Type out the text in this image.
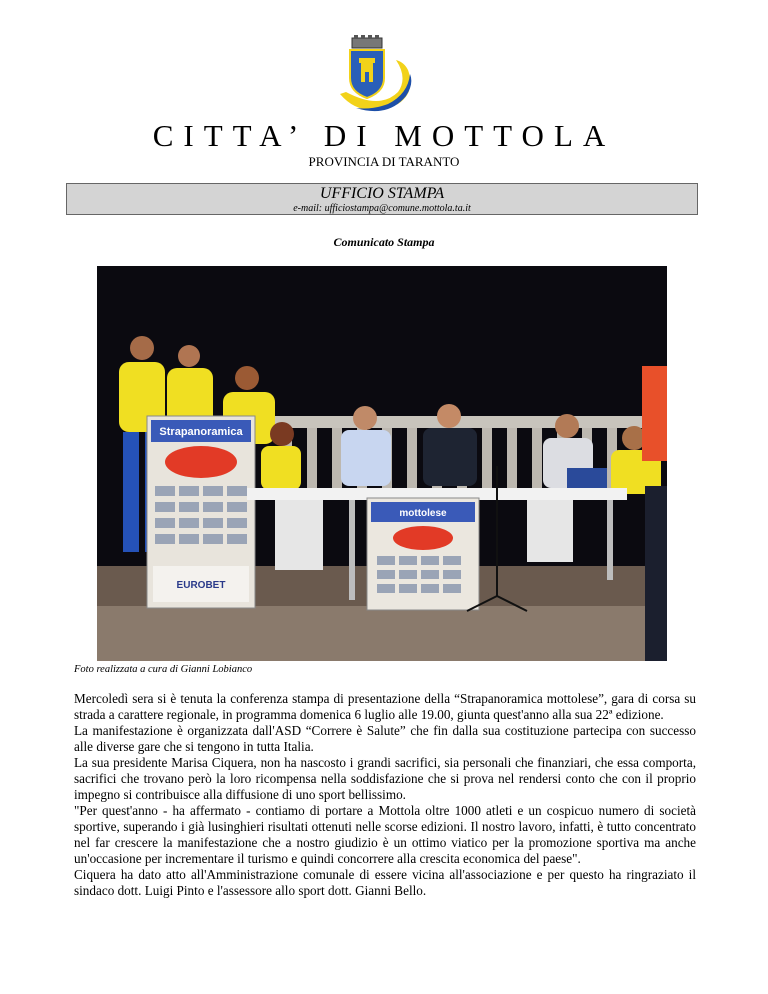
CITTA’ DI MOTTOLA
PROVINCIA DI TARANTO
UFFICIO STAMPA
e-mail: ufficiostampa@comune.mottola.ta.it
Comunicato Stampa
Strapanoramica
EUROBET
mottolese
Foto realizzata a cura di Gianni Lobianco

Mercoledì sera si è tenuta la conferenza stampa di presentazione della “Strapanoramica mottolese”, gara di corsa su strada a carattere regionale, in programma domenica 6 luglio alle 19.00, giunta quest'anno alla sua 22ª edizione.

La manifestazione è organizzata dall'ASD “Correre è Salute” che fin dalla sua costituzione partecipa con successo alle diverse gare che si tengono in tutta Italia.

La sua presidente Marisa Ciquera, non ha nascosto i grandi sacrifici, sia personali che finanziari, che essa comporta, sacrifici che trovano però la loro ricompensa nella soddisfazione che si prova nel rendersi conto che con il proprio impegno si contribuisce alla diffusione di uno sport bellissimo.

"Per quest'anno - ha affermato - contiamo di portare a Mottola oltre 1000 atleti e un cospicuo numero di società sportive, superando i già lusinghieri risultati ottenuti nelle scorse edizioni. Il nostro lavoro, infatti, è tutto concentrato nel far crescere la manifestazione che a nostro giudizio è un ottimo viatico per la promozione sportiva ma anche un'occasione per incrementare il turismo e quindi concorrere alla crescita economica del paese".

Ciquera ha dato atto all'Amministrazione comunale di essere vicina all'associazione e per questo ha ringraziato il sindaco dott. Luigi Pinto e l'assessore allo sport dott. Gianni Bello.
